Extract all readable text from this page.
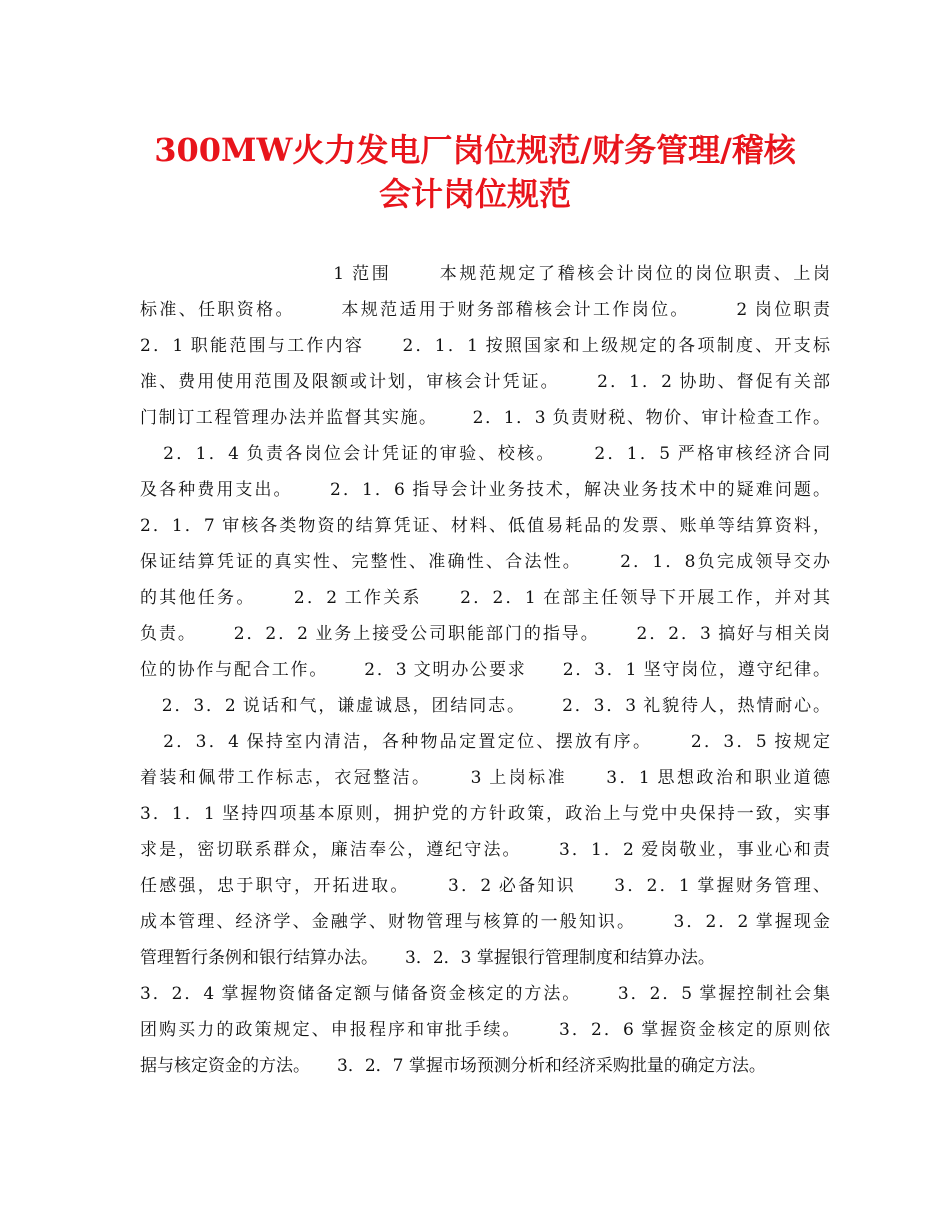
300MW火力发电厂岗位规范/财务管理/稽核
会计岗位规范
1 范围      本规范规定了稽核会计岗位的岗位职责、上岗
标准、任职资格。      本规范适用于财务部稽核会计工作岗位。      2 岗位职责
2．1 职能范围与工作内容     2．1．1 按照国家和上级规定的各项制度、开支标
准、费用使用范围及限额或计划，审核会计凭证。     2．1．2 协助、督促有关部
门制订工程管理办法并监督其实施。     2．1．3 负责财税、物价、审计检查工作。
2．1．4 负责各岗位会计凭证的审验、校核。     2．1．5 严格审核经济合同
及各种费用支出。     2．1．6 指导会计业务技术，解决业务技术中的疑难问题。
2．1．7 审核各类物资的结算凭证、材料、低值易耗品的发票、账单等结算资料，
保证结算凭证的真实性、完整性、准确性、合法性。     2．1．8负完成领导交办
的其他任务。     2．2 工作关系     2．2．1 在部主任领导下开展工作，并对其
负责。     2．2．2 业务上接受公司职能部门的指导。     2．2．3 搞好与相关岗
位的协作与配合工作。     2．3 文明办公要求     2．3．1 坚守岗位，遵守纪律。
2．3．2 说话和气，谦虚诚恳，团结同志。     2．3．3 礼貌待人，热情耐心。
2．3．4 保持室内清洁，各种物品定置定位、摆放有序。     2．3．5 按规定
着装和佩带工作标志，衣冠整洁。     3 上岗标准     3．1 思想政治和职业道德
3．1．1 坚持四项基本原则，拥护党的方针政策，政治上与党中央保持一致，实事
求是，密切联系群众，廉洁奉公，遵纪守法。     3．1．2 爱岗敬业，事业心和责
任感强，忠于职守，开拓进取。     3．2 必备知识     3．2．1 掌握财务管理、
成本管理、经济学、金融学、财物管理与核算的一般知识。     3．2．2 掌握现金
管理暂行条例和银行结算办法。     3．2．3 掌握银行管理制度和结算办法。
3．2．4 掌握物资储备定额与储备资金核定的方法。     3．2．5 掌握控制社会集
团购买力的政策规定、申报程序和审批手续。     3．2．6 掌握资金核定的原则依
据与核定资金的方法。     3．2．7 掌握市场预测分析和经济采购批量的确定方法。
